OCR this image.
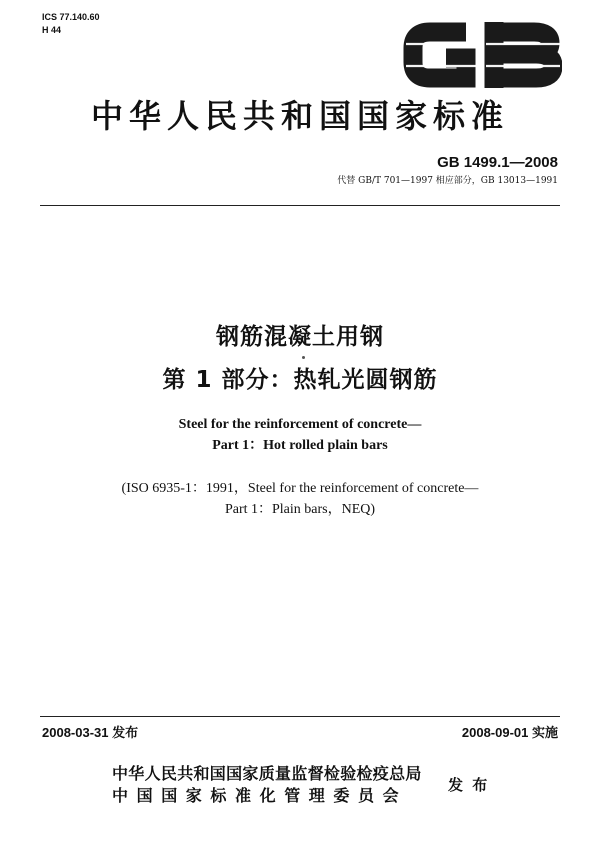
ICS 77.140.60
H 44
中华人民共和国国家标准
GB 1499.1—2008
代替 GB/T 701—1997 相应部分，GB 13013—1991
钢筋混凝土用钢
第 1 部分：热轧光圆钢筋
Steel for the reinforcement of concrete—
Part 1：Hot rolled plain bars
(ISO 6935-1：1991，Steel for the reinforcement of concrete—
Part 1：Plain bars，NEQ)
2008-03-31 发布	2008-09-01 实施
中华人民共和国国家质量监督检验检疫总局
中国国家标准化管理委员会
发 布
